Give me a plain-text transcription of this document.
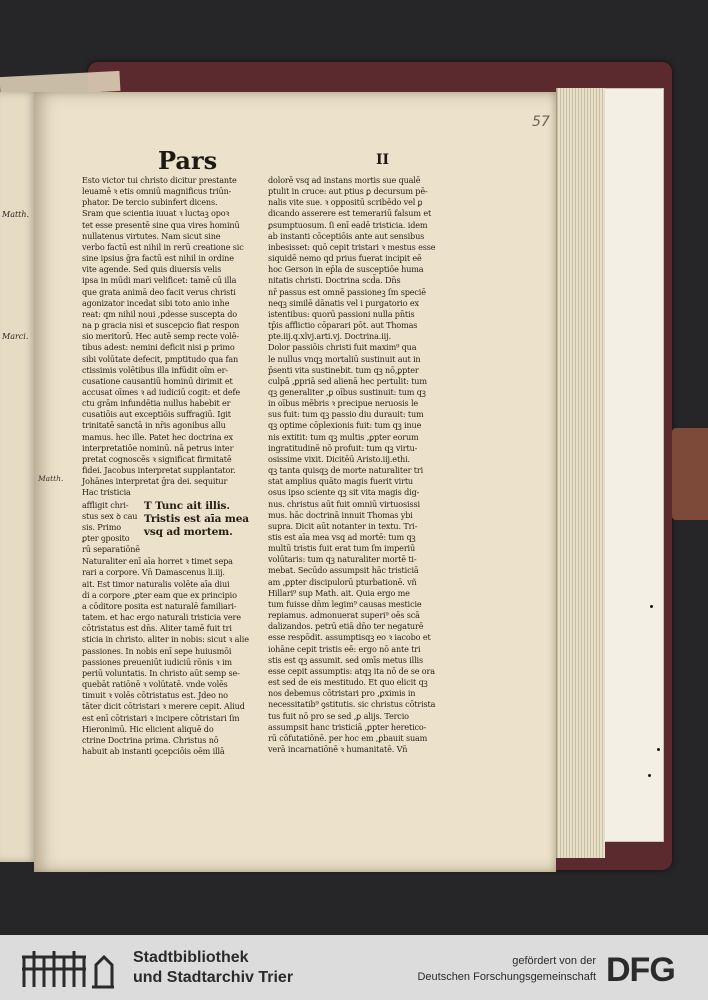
Matth.
Marci.
57
Pars	II
Matth.
Esto victor tui christo dicitur prestante
leuamē ꝛ etis omniū magnificus triūn-
phator. De tercio subinfert dicens.
Sram que scientia iuuat ꝛ luctaꝫ opoꝛ
tet esse presentē sine qua vires hominū
nullatenus virtutes. Nam sicut sine
verbo factū est nihil in rerū creatione sic
sine ipsius ḡra factū est nihil in ordine
vite agende. Sed quis diuersis velis
ipsa in mūdi mari velificet: tamē cū illa
que grata animā deo facit verus christi
agonizator incedat sibi toto anio inhe
reat: qm nihil noui ,pdesse suscepta do
na p gracia nisi et suscepcio fiat respon
sio meritorū. Hec autē semp recte volē-
tibus adest: nemini deficit nisi ꝑ primo
sibi volūtate defecit, pmptitudo qua fan
ctissimis volētibus illa infūdit oīm er-
cusatione causantiū hominū dirimit et
accusat oīmes ꝛ ad iudiciū cogit: et defe
ctu grām infundētia nullus habebit er
cusatiōis aut exceptiōis suffragiū. Igit
trinitatē sanctā in nr̄is agonibus allu
mamus. hec ille. Patet hec doctrina ex
interpretatiōe nominū. nā petrus inter
pretat cognoscēs ꝛ significat firmitatē
fidei. Jacobus interpretat supplantator.
Johānes interpretat ḡra dei. sequitur
Hac tristicia
affligit chri-
stus sex ꝺ cau
sis. Primo
ꝑter ꝯposito
rū separatiōnē
T Tunc ait illis.
Tristis est aīa mea
vsq ad mortem.
Naturaliter enī aīa horret ꝛ timet sepa
rari a corpore. Vn̄ Damascenus li.iij.
ait. Est timor naturalis volēte aīa diui
di a corpore ,ꝑter eam que ex principio
a cōditore posita est naturalē familiari-
tatem. et hac ergo naturali tristicia vere
cōtristatus est dn̄s. Aliter tamē fuit tri
sticia in christo. aliter in nobis: sicut ꝛ alie
passiones. In nobis enī sepe huiusmōi
passiones preueniūt iudiciū rōnis ꝛ im
periū voluntatis. In christo aūt semp se-
quebāt ratiōnē ꝛ volūtatē. vnde volēs
timuit ꝛ volēs cōtristatus est. Jdeo no
tāter dicit cōtristari ꝛ merere cepit. Aliud
est enī cōtristari ꝛ incipere cōtristari ſm
Hieronimū. Hic elicient aliquē do
ctrine Doctrina prima. Christus nō
habuit ab instanti ꝯcepciōis oēm illā
dolorē vsq ad instans mortis sue qualē
ptulit in cruce: aut ptius ꝑ decursum pē-
nalis vite sue. ꝛ oppositū scribēdo vel ꝑ
dicando asserere est temerariū falsum et
ꝑsumptuosum. ſi enī eadē tristicia. idem
ab instanti cōceptiōis ante aut sensibus
inbesisset: quō cepit tristari ꝛ mestus esse
siquidē nemo qd prius fuerat incipit eē
hoc Gerson in ep̄la de susceptiōe huma
nitatis christi. Doctrina scd̄a. Dn̄s
nr̄ passus est omnē passioneꝫ ſm speciē
neqꝫ similē dānatis vel i purgatorio ex
istentibus: quorū passioni nulla pn̄tis
tp̄is afflictio cōparari pōt. aut Thomas
pte.iij.q.xlvj.arti.vj. Doctrina.iij.
Dolor passiōis christi fuit maxim⁹ qua
le nullus vnqꝫ mortaliū sustinuit aut in
p̄senti vita sustinebit. tum qꝫ nō,ꝑpter
culpā ,ꝑpriā sed alienā hec pertulit: tum
qꝫ generaliter ,ꝑ oībus sustinuit: tum qꝫ
in oībus mēbris ꝛ precipue neruosis le
sus fuit: tum qꝫ passio diu durauit: tum
qꝫ optime cōplexionis fuit: tum qꝫ inue
nis extitit: tum qꝫ multis ,ꝑpter eorum
ingratitudinē nō profuit: tum qꝫ virtu-
osissime vixit. Dicitēū Aristo.iij.ethi.
qꝫ tanta quisqꝫ de morte naturaliter tri
stat amplius quāto magis fuerit virtu
osus ipso sciente qꝫ sit vita magis dig-
nus. christus aūt fuit omniū virtuosissi
mus. hāc doctrinā innuit Thomas ybi
supra. Dicit aūt notanter in textu. Tri-
stis est aīa mea vsq ad mortē: tum qꝫ
multū tristis fuit erat tum ſm imperiū
volūtaris: tum qꝫ naturaliter mortē ti-
mebat. Secūdo assumpsit hāc tristiciā
am ,ꝑpter discipulorū pturbationē. vñ
Hillari⁹ sup Math. ait. Quia ergo me
tum fuisse dn̄m legim⁹ causas mesticie
repiamus. admonuerat superi⁹ oēs scā
dalizandos. petrū etiā dn̄o ter negaturē
esse respōdit. assumptisqꝫ eo ꝛ iacobo et
iohāne cepit tristis eē: ergo nō ante tri
stis est qꝫ assumit. sed omīs metus illis
esse cepit assumptis: atqꝫ ita nō de se ora
est sed de eis mestitudo. Et quo elicit qꝫ
nos debemus cōtristari pro ,ꝑximis in
necessitatib⁹ ꝯstitutis. sic christus cōtrista
tus fuit nō pro se sed ,ꝑ alijs. Tercio
assumpsit hanc tristiciā ,ꝑpter heretico-
rū cōfutatiōnē. per hoc em ,ꝑbauit suam
verā incarnatiōnē ꝛ humanitatē. Vn̄
Stadtbibliothek
und Stadtarchiv Trier
gefördert von der
Deutschen Forschungsgemeinschaft DFG
